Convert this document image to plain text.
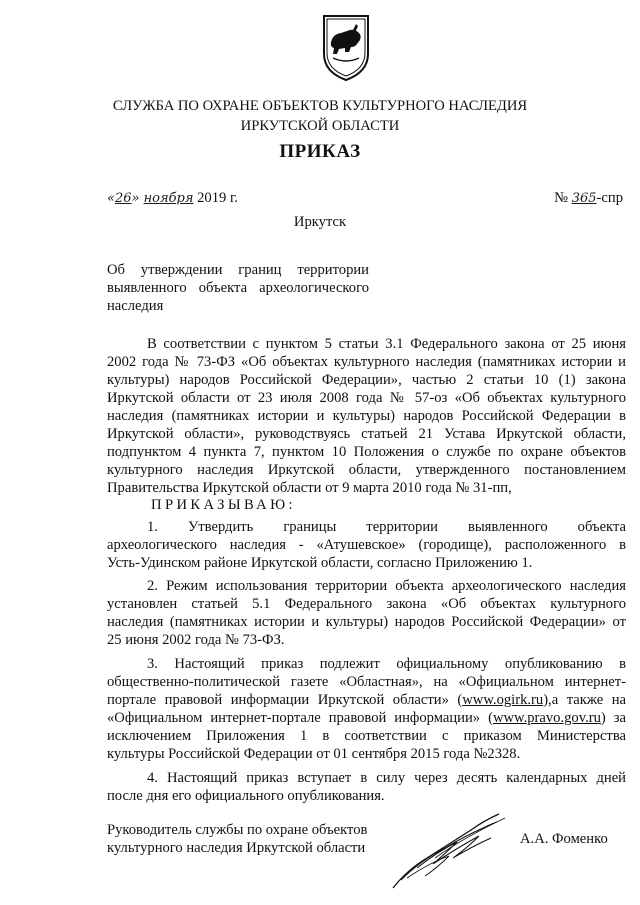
СЛУЖБА ПО ОХРАНЕ ОБЪЕКТОВ КУЛЬТУРНОГО НАСЛЕДИЯ
ИРКУТСКОЙ ОБЛАСТИ
ПРИКАЗ
«26» ноября 2019 г.	№ 365-спр
Иркутск
Об утверждении границ территории выявленного объекта археологического наследия
В соответствии с пунктом 5 статьи 3.1 Федерального закона от 25 июня
2002 года № 73-ФЗ «Об объектах культурного наследия (памятниках истории и
культуры) народов Российской Федерации», частью 2 статьи 10 (1) закона
Иркутской области от 23 июля 2008 года № 57-оз «Об объектах культурного
наследия (памятниках истории и культуры) народов Российской Федерации в
Иркутской области», руководствуясь статьей 21 Устава Иркутской области,
подпунктом 4 пункта 7, пунктом 10 Положения о службе по охране объектов
культурного наследия Иркутской области, утвержденного постановлением
Правительства Иркутской области от 9 марта 2010 года № 31-пп,
ПРИКАЗЫВАЮ:
1. Утвердить границы территории выявленного объекта
археологического наследия - «Атушевское» (городище), расположенного в
Усть-Удинском районе Иркутской области, согласно Приложению 1.
2. Режим использования территории объекта археологического наследия
установлен статьей 5.1 Федерального закона «Об объектах культурного
наследия (памятниках истории и культуры) народов Российской Федерации» от
25 июня 2002 года № 73-ФЗ.
3. Настоящий приказ подлежит официальному опубликованию в
общественно-политической газете «Областная», на «Официальном интернет-
портале правовой информации Иркутской области» (www.ogirk.ru),а также на
«Официальном интернет-портале правовой информации» (www.pravo.gov.ru) за
исключением Приложения 1 в соответствии с приказом Министерства
культуры Российской Федерации от 01 сентября 2015 года №2328.
4. Настоящий приказ вступает в силу через десять календарных дней
после дня его официального опубликования.
Руководитель службы по охране объектов
культурного наследия Иркутской области
А.А. Фоменко
